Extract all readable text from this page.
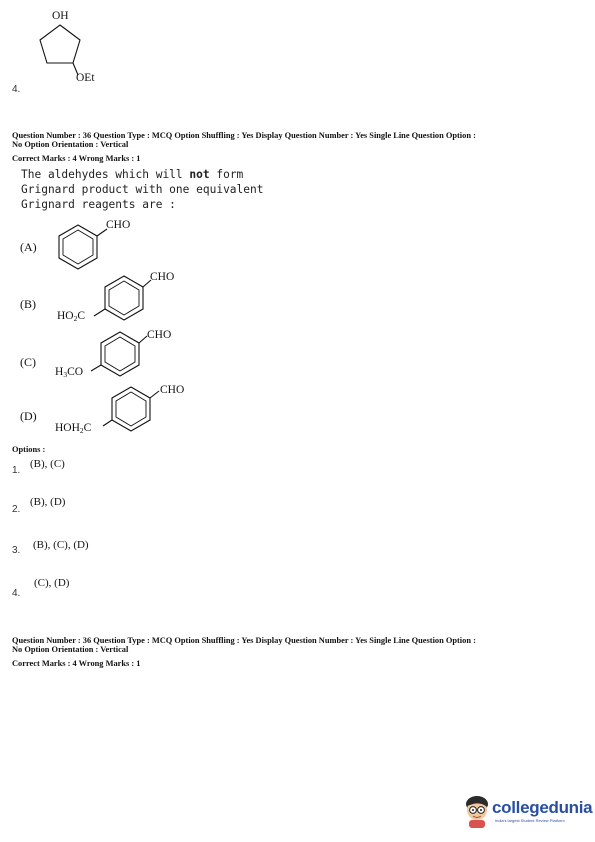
OH
OEt
4.
Question Number : 36 Question Type : MCQ Option Shuffling : Yes Display Question Number : Yes Single Line Question Option :
No Option Orientation : Vertical
Correct Marks : 4 Wrong Marks : 1
The aldehydes which will not form
Grignard product with one equivalent
Grignard reagents are :
(A)
CHO
(B)
CHO
$HO_2C$
(C)
CHO
$H_3CO$
(D)
CHO
$HOH_2C$
Options :
1.
(B), (C)
2.
(B), (D)
3. (B), (C), (D)
4.
(C), (D)
Question Number : 36 Question Type : MCQ Option Shuffling : Yes Display Question Number : Yes Single Line Question Option :
No Option Orientation : Vertical
Correct Marks : 4 Wrong Marks : 1
collegedunia
India's largest Student Review Platform
